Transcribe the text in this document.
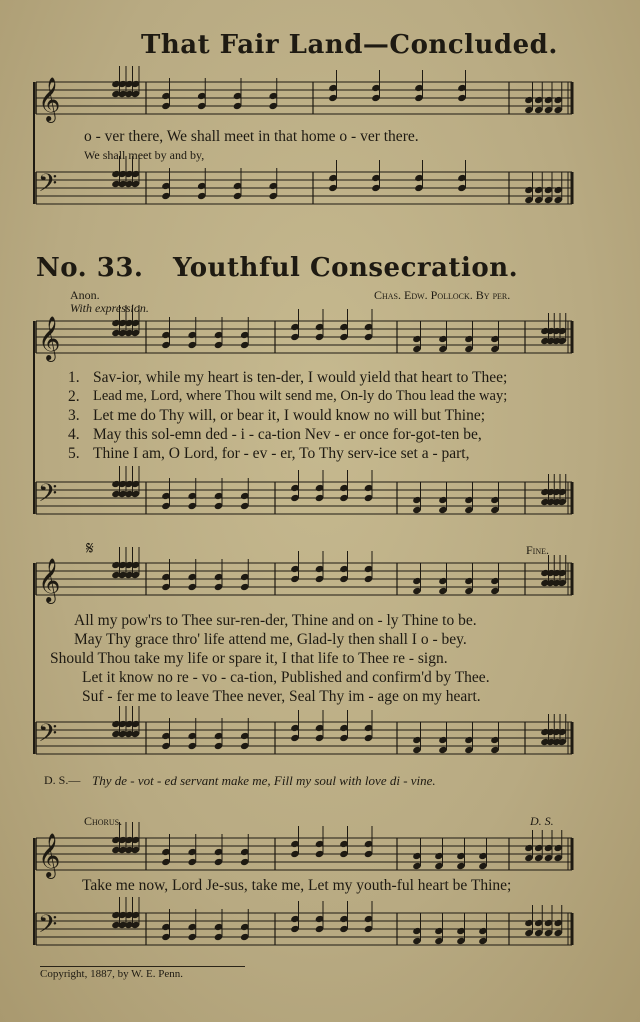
That Fair Land—Concluded.
𝄞
𝄢
𝄞
𝄢
𝄞
𝄢
𝄞
𝄢
o - ver there, We shall meet in that home o - ver there.
We shall meet by and by,
No. 33. Youthful Consecration.
Anon.	Chas. Edw. Pollock. By per.
With expression.
1. Sav-ior, while my heart is ten-der, I would yield that heart to Thee;
2. Lead me, Lord, where Thou wilt send me, On-ly do Thou lead the way;
3. Let me do Thy will, or bear it, I would know no will but Thine;
4. May this sol-emn ded - i - ca-tion Nev - er once for-got-ten be,
5. Thine I am, O Lord, for - ev - er, To Thy serv-ice set a - part,
𝄋	Fine.
All my pow'rs to Thee sur-ren-der, Thine and on - ly Thine to be.
May Thy grace thro' life attend me, Glad-ly then shall I o - bey.
Should Thou take my life or spare it, I that life to Thee re - sign.
Let it know no re - vo - ca-tion, Published and confirm'd by Thee.
Suf - fer me to leave Thee never, Seal Thy im - age on my heart.
D. S.— Thy de - vot - ed servant make me, Fill my soul with love di - vine.
Chorus.	D. S.
Take me now, Lord Je-sus, take me, Let my youth-ful heart be Thine;
Copyright, 1887, by W. E. Penn.
